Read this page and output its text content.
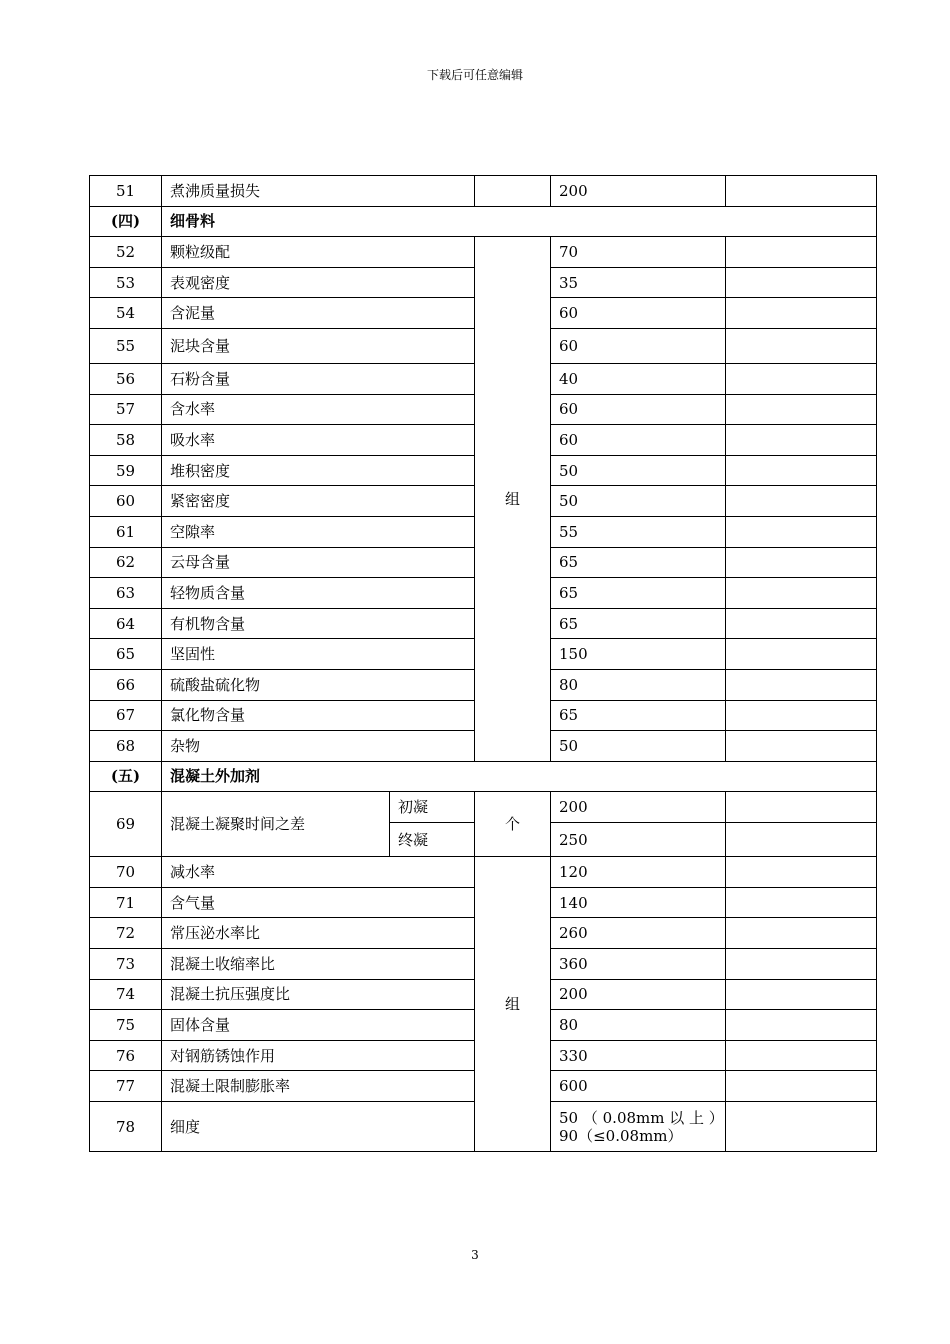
下载后可任意编辑
51	煮沸质量损失			200	
(四)	细骨料				
52	颗粒级配		组	70	
53	表观密度			35	
54	含泥量			60	
55	泥块含量			60	
56	石粉含量			40	
57	含水率			60	
58	吸水率			60	
59	堆积密度			50	
60	紧密密度			50	
61	空隙率			55	
62	云母含量			65	
63	轻物质含量			65	
64	有机物含量			65	
65	坚固性			150	
66	硫酸盐硫化物			80	
67	氯化物含量			65	
68	杂物			50	
(五)	混凝土外加剂				
69	混凝土凝聚时间之差	初凝	个	200	
		终凝		250	
70	减水率		组	120	
71	含气量			140	
72	常压泌水率比			260	
73	混凝土收缩率比			360	
74	混凝土抗压强度比			200	
75	固体含量			80	
76	对钢筋锈蚀作用			330	
77	混凝土限制膨胀率			600	
78	细度			50 （ 0.08mm 以 上 ）
90（≤0.08mm）	
3
